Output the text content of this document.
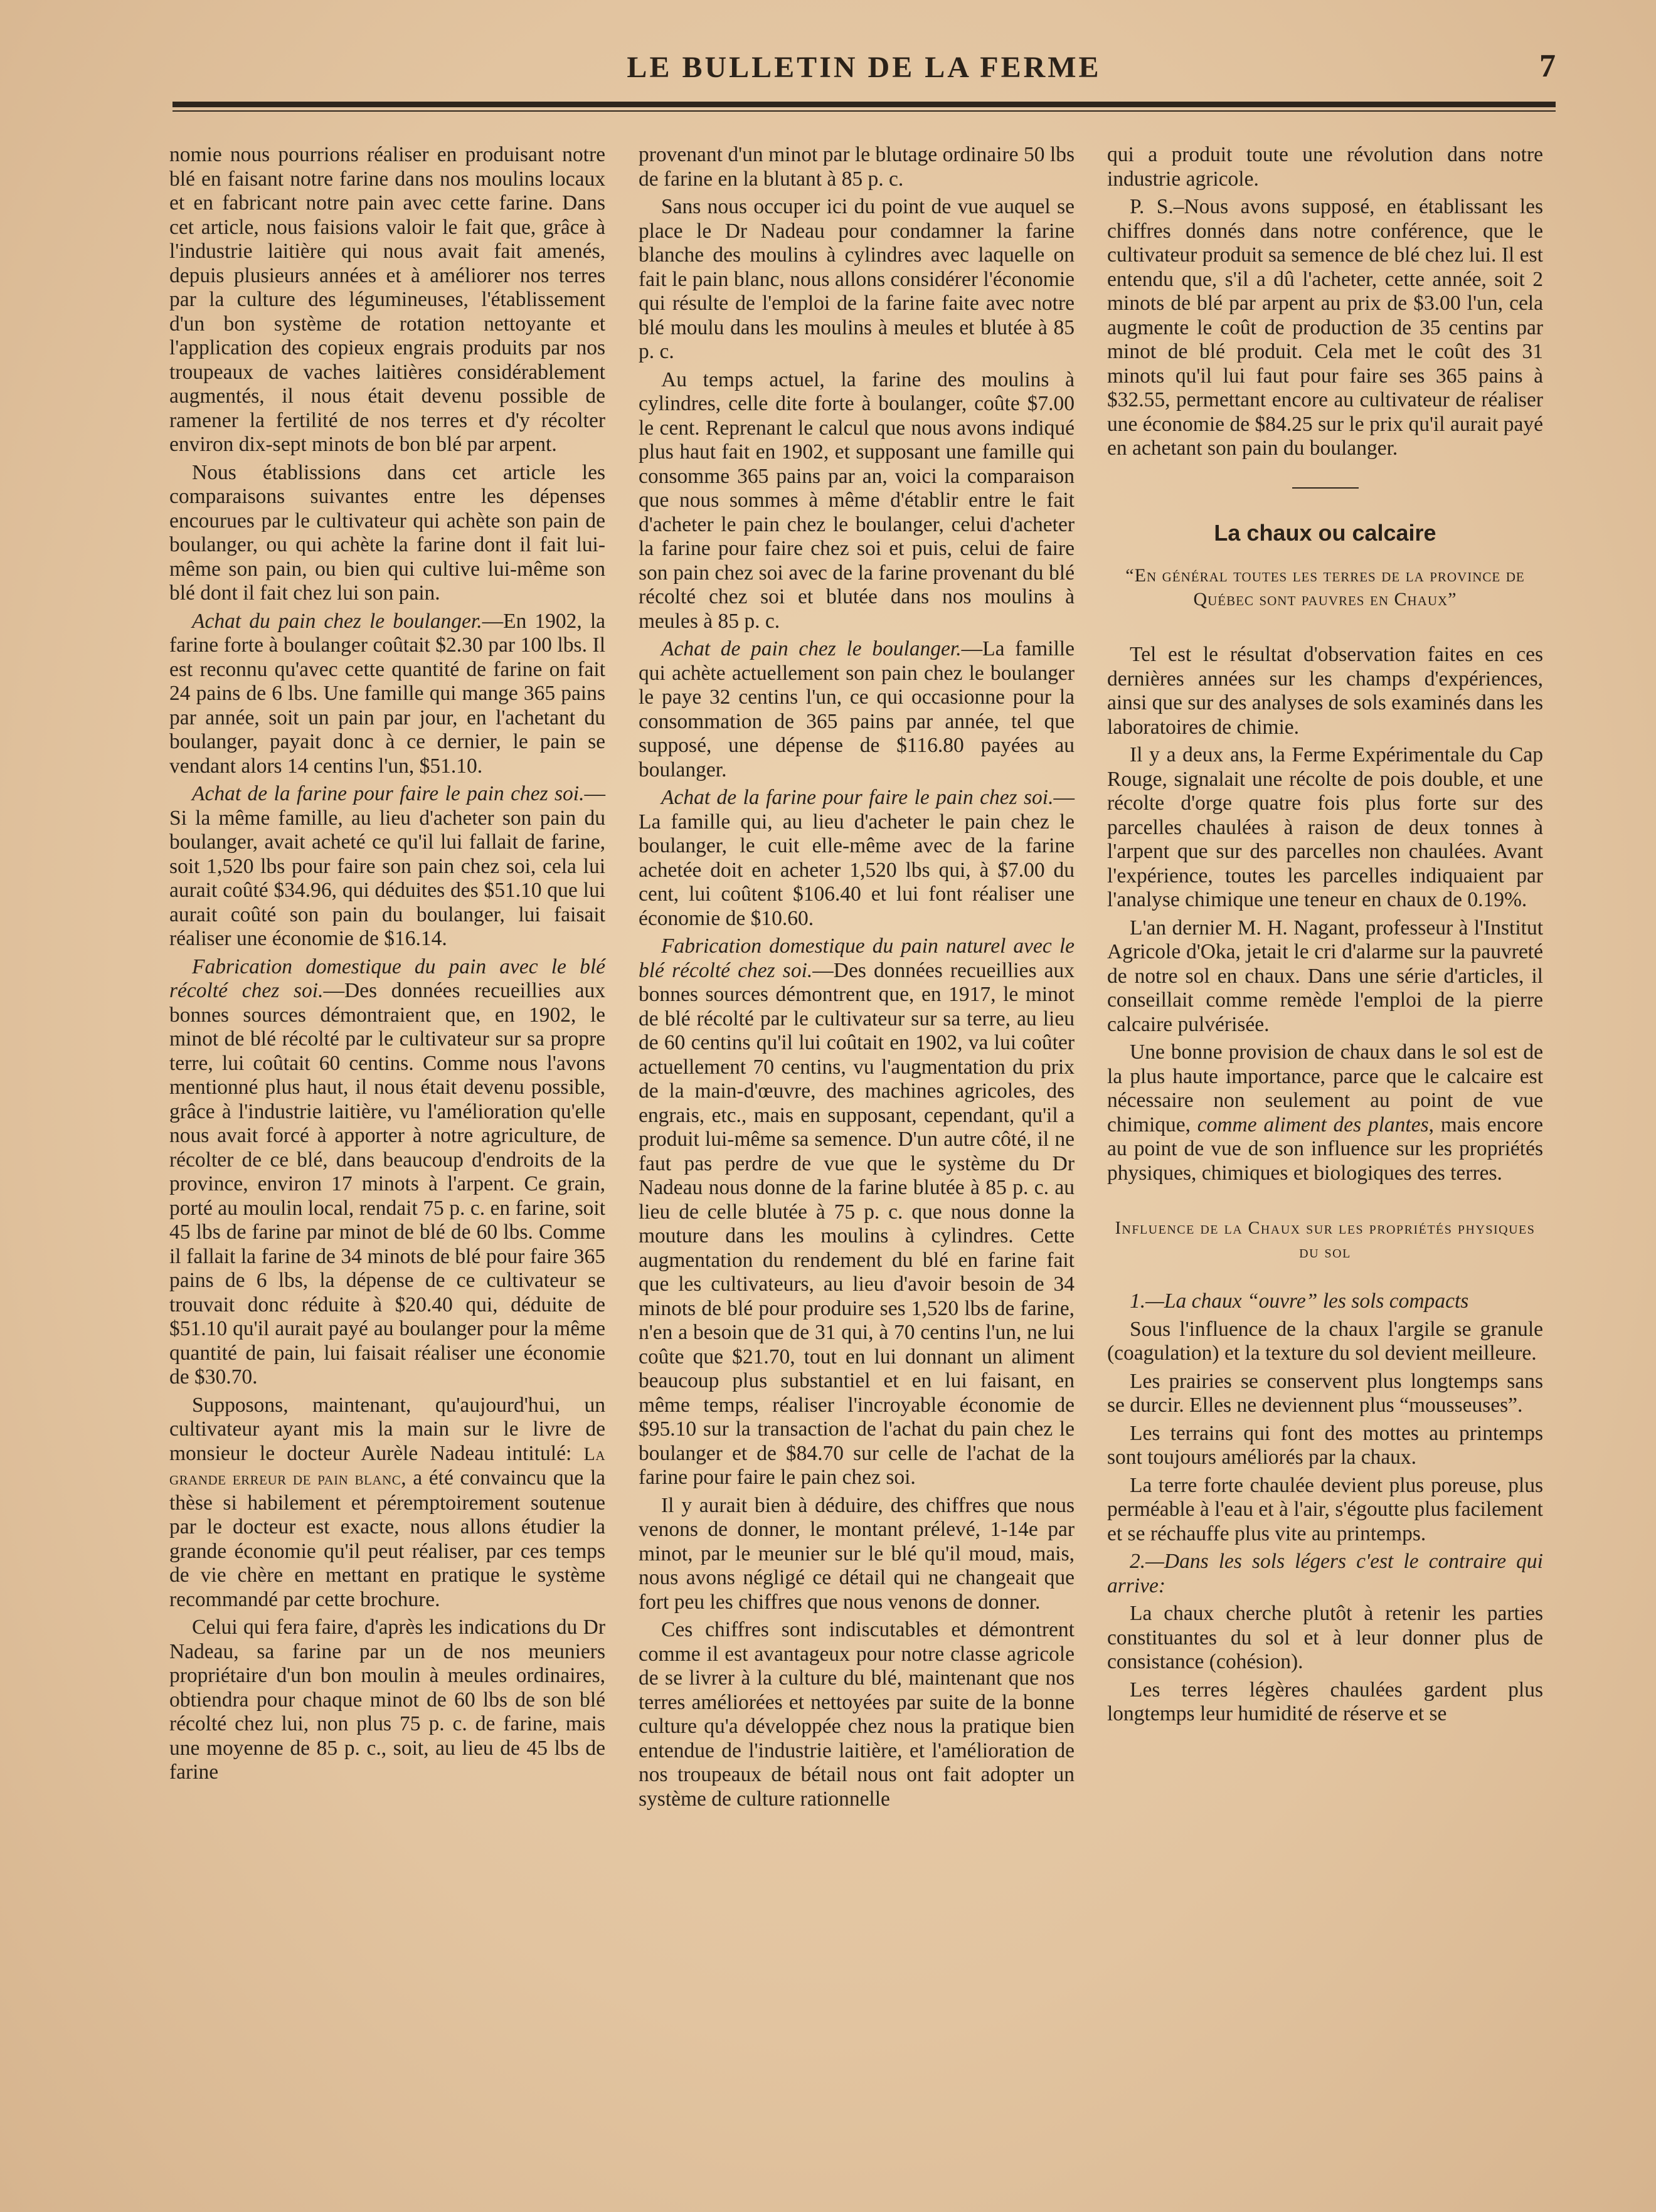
LE BULLETIN DE LA FERME	7

nomie nous pourrions réaliser en produisant notre blé en faisant notre farine dans nos moulins locaux et en fabricant notre pain avec cette farine. Dans cet article, nous faisions valoir le fait que, grâce à l'industrie laitière qui nous avait fait amenés, depuis plusieurs années et à améliorer nos terres par la culture des légumineuses, l'établissement d'un bon système de rotation nettoyante et l'application des copieux engrais produits par nos troupeaux de vaches laitières considérablement augmentés, il nous était devenu possible de ramener la fertilité de nos terres et d'y récolter environ dix-sept minots de bon blé par arpent.

Nous établissions dans cet article les comparaisons suivantes entre les dépenses encourues par le cultivateur qui achète son pain de boulanger, ou qui achète la farine dont il fait lui-même son pain, ou bien qui cultive lui-même son blé dont il fait chez lui son pain.

Achat du pain chez le boulanger.—En 1902, la farine forte à boulanger coûtait $2.30 par 100 lbs. Il est reconnu qu'avec cette quantité de farine on fait 24 pains de 6 lbs. Une famille qui mange 365 pains par année, soit un pain par jour, en l'achetant du boulanger, payait donc à ce dernier, le pain se vendant alors 14 centins l'un, $51.10.

Achat de la farine pour faire le pain chez soi.—Si la même famille, au lieu d'acheter son pain du boulanger, avait acheté ce qu'il lui fallait de farine, soit 1,520 lbs pour faire son pain chez soi, cela lui aurait coûté $34.96, qui déduites des $51.10 que lui aurait coûté son pain du boulanger, lui faisait réaliser une économie de $16.14.

Fabrication domestique du pain avec le blé récolté chez soi.—Des données recueillies aux bonnes sources démontraient que, en 1902, le minot de blé récolté par le cultivateur sur sa propre terre, lui coûtait 60 centins. Comme nous l'avons mentionné plus haut, il nous était devenu possible, grâce à l'industrie laitière, vu l'amélioration qu'elle nous avait forcé à apporter à notre agriculture, de récolter de ce blé, dans beaucoup d'endroits de la province, environ 17 minots à l'arpent. Ce grain, porté au moulin local, rendait 75 p. c. en farine, soit 45 lbs de farine par minot de blé de 60 lbs. Comme il fallait la farine de 34 minots de blé pour faire 365 pains de 6 lbs, la dépense de ce cultivateur se trouvait donc réduite à $20.40 qui, déduite de $51.10 qu'il aurait payé au boulanger pour la même quantité de pain, lui faisait réaliser une économie de $30.70.

Supposons, maintenant, qu'aujourd'hui, un cultivateur ayant mis la main sur le livre de monsieur le docteur Aurèle Nadeau intitulé: La grande erreur de pain blanc, a été convaincu que la thèse si habilement et péremptoirement soutenue par le docteur est exacte, nous allons étudier la grande économie qu'il peut réaliser, par ces temps de vie chère en mettant en pratique le système recommandé par cette brochure.

Celui qui fera faire, d'après les indications du Dr Nadeau, sa farine par un de nos meuniers propriétaire d'un bon moulin à meules ordinaires, obtiendra pour chaque minot de 60 lbs de son blé récolté chez lui, non plus 75 p. c. de farine, mais une moyenne de 85 p. c., soit, au lieu de 45 lbs de farine

provenant d'un minot par le blutage ordinaire 50 lbs de farine en la blutant à 85 p. c.

Sans nous occuper ici du point de vue auquel se place le Dr Nadeau pour condamner la farine blanche des moulins à cylindres avec laquelle on fait le pain blanc, nous allons considérer l'économie qui résulte de l'emploi de la farine faite avec notre blé moulu dans les moulins à meules et blutée à 85 p. c.

Au temps actuel, la farine des moulins à cylindres, celle dite forte à boulanger, coûte $7.00 le cent. Reprenant le calcul que nous avons indiqué plus haut fait en 1902, et supposant une famille qui consomme 365 pains par an, voici la comparaison que nous sommes à même d'établir entre le fait d'acheter le pain chez le boulanger, celui d'acheter la farine pour faire chez soi et puis, celui de faire son pain chez soi avec de la farine provenant du blé récolté chez soi et blutée dans nos moulins à meules à 85 p. c.

Achat de pain chez le boulanger.—La famille qui achète actuellement son pain chez le boulanger le paye 32 centins l'un, ce qui occasionne pour la consommation de 365 pains par année, tel que supposé, une dépense de $116.80 payées au boulanger.

Achat de la farine pour faire le pain chez soi.—La famille qui, au lieu d'acheter le pain chez le boulanger, le cuit elle-même avec de la farine achetée doit en acheter 1,520 lbs qui, à $7.00 du cent, lui coûtent $106.40 et lui font réaliser une économie de $10.60.

Fabrication domestique du pain naturel avec le blé récolté chez soi.—Des données recueillies aux bonnes sources démontrent que, en 1917, le minot de blé récolté par le cultivateur sur sa terre, au lieu de 60 centins qu'il lui coûtait en 1902, va lui coûter actuellement 70 centins, vu l'augmentation du prix de la main-d'œuvre, des machines agricoles, des engrais, etc., mais en supposant, cependant, qu'il a produit lui-même sa semence. D'un autre côté, il ne faut pas perdre de vue que le système du Dr Nadeau nous donne de la farine blutée à 85 p. c. au lieu de celle blutée à 75 p. c. que nous donne la mouture dans les moulins à cylindres. Cette augmentation du rendement du blé en farine fait que les cultivateurs, au lieu d'avoir besoin de 34 minots de blé pour produire ses 1,520 lbs de farine, n'en a besoin que de 31 qui, à 70 centins l'un, ne lui coûte que $21.70, tout en lui donnant un aliment beaucoup plus substantiel et en lui faisant, en même temps, réaliser l'incroyable économie de $95.10 sur la transaction de l'achat du pain chez le boulanger et de $84.70 sur celle de l'achat de la farine pour faire le pain chez soi.

Il y aurait bien à déduire, des chiffres que nous venons de donner, le montant prélevé, 1-14e par minot, par le meunier sur le blé qu'il moud, mais, nous avons négligé ce détail qui ne changeait que fort peu les chiffres que nous venons de donner.

Ces chiffres sont indiscutables et démontrent comme il est avantageux pour notre classe agricole de se livrer à la culture du blé, maintenant que nos terres améliorées et nettoyées par suite de la bonne culture qu'a développée chez nous la pratique bien entendue de l'industrie laitière, et l'amélioration de nos troupeaux de bétail nous ont fait adopter un système de culture rationnelle

qui a produit toute une révolution dans notre industrie agricole.

P. S.–Nous avons supposé, en établissant les chiffres donnés dans notre conférence, que le cultivateur produit sa semence de blé chez lui. Il est entendu que, s'il a dû l'acheter, cette année, soit 2 minots de blé par arpent au prix de $3.00 l'un, cela augmente le coût de production de 35 centins par minot de blé produit. Cela met le coût des 31 minots qu'il lui faut pour faire ses 365 pains à $32.55, permettant encore au cultivateur de réaliser une économie de $84.25 sur le prix qu'il aurait payé en achetant son pain du boulanger.

La chaux ou calcaire
“En général toutes les terres de la province de Québec sont pauvres en Chaux”

Tel est le résultat d'observation faites en ces dernières années sur les champs d'expériences, ainsi que sur des analyses de sols examinés dans les laboratoires de chimie.

Il y a deux ans, la Ferme Expérimentale du Cap Rouge, signalait une récolte de pois double, et une récolte d'orge quatre fois plus forte sur des parcelles chaulées à raison de deux tonnes à l'arpent que sur des parcelles non chaulées. Avant l'expérience, toutes les parcelles indiquaient par l'analyse chimique une teneur en chaux de 0.19%.

L'an dernier M. H. Nagant, professeur à l'Institut Agricole d'Oka, jetait le cri d'alarme sur la pauvreté de notre sol en chaux. Dans une série d'articles, il conseillait comme remède l'emploi de la pierre calcaire pulvérisée.

Une bonne provision de chaux dans le sol est de la plus haute importance, parce que le calcaire est nécessaire non seulement au point de vue chimique, comme aliment des plantes, mais encore au point de vue de son influence sur les propriétés physiques, chimiques et biologiques des terres.

Influence de la Chaux sur les propriétés physiques du sol

1.—La chaux “ouvre” les sols compacts

Sous l'influence de la chaux l'argile se granule (coagulation) et la texture du sol devient meilleure.

Les prairies se conservent plus longtemps sans se durcir. Elles ne deviennent plus “mousseuses”.

Les terrains qui font des mottes au printemps sont toujours améliorés par la chaux.

La terre forte chaulée devient plus poreuse, plus perméable à l'eau et à l'air, s'égoutte plus facilement et se réchauffe plus vite au printemps.

2.—Dans les sols légers c'est le contraire qui arrive:

La chaux cherche plutôt à retenir les parties constituantes du sol et à leur donner plus de consistance (cohésion).

Les terres légères chaulées gardent plus longtemps leur humidité de réserve et se
